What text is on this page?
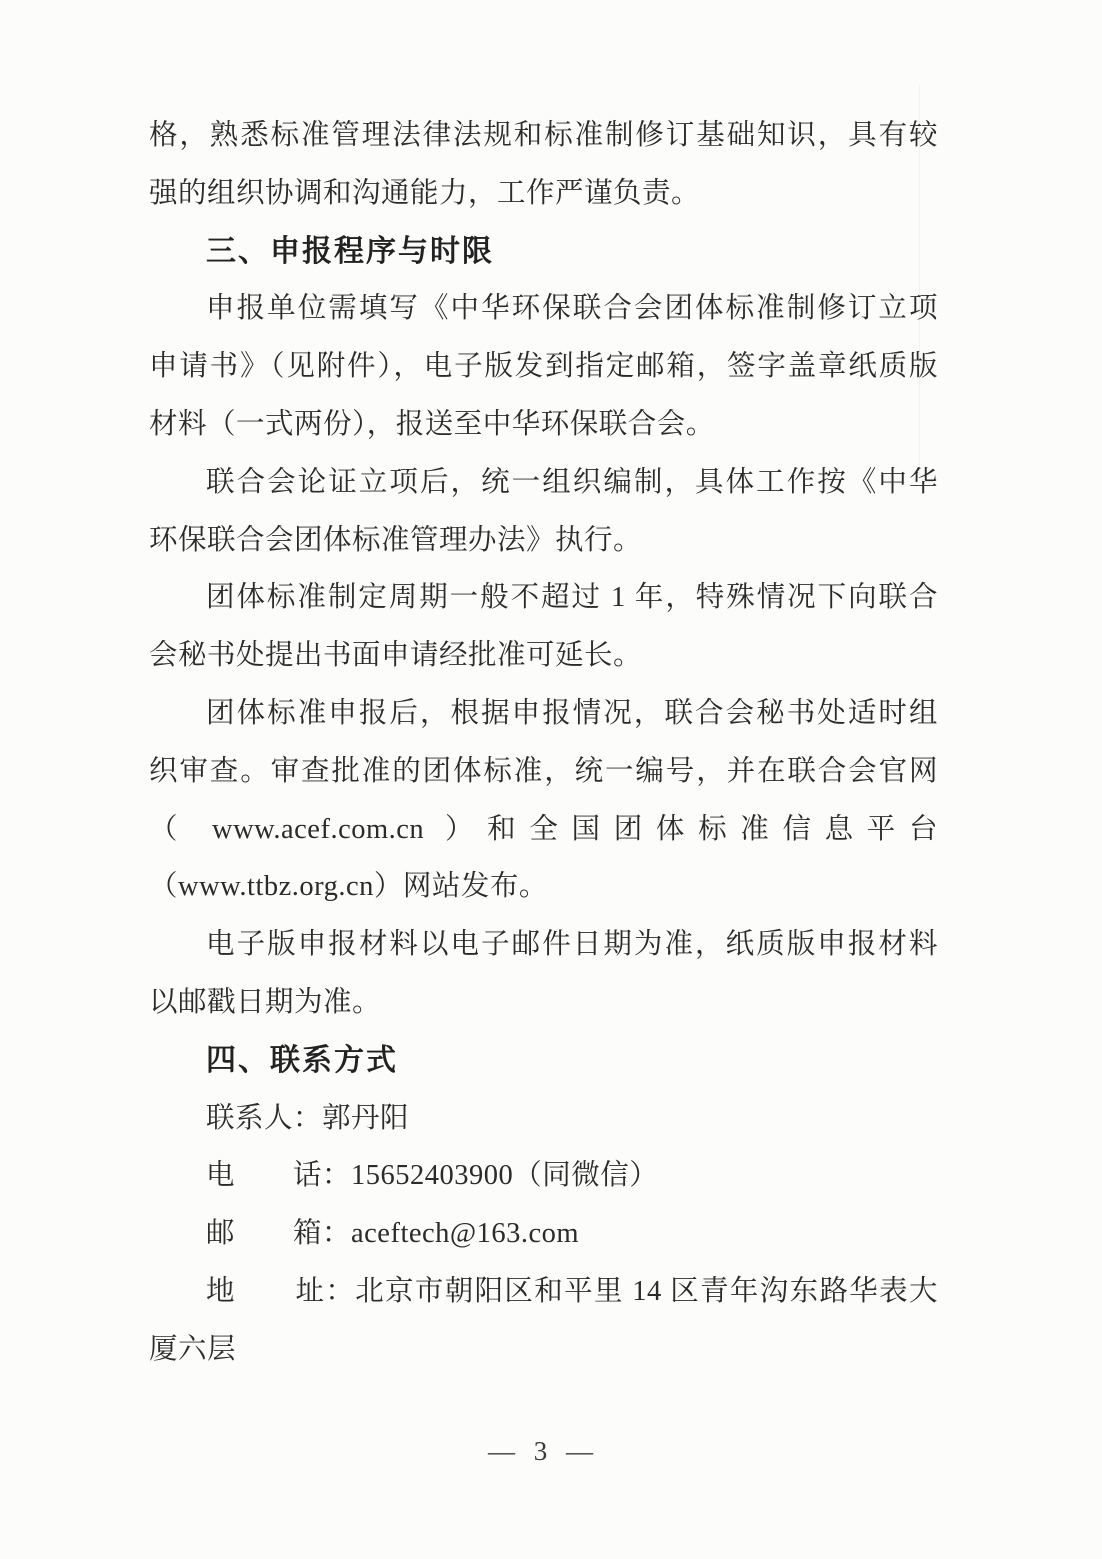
格，熟悉标准管理法律法规和标准制修订基础知识，具有较
强的组织协调和沟通能力，工作严谨负责。
三、申报程序与时限
申报单位需填写《中华环保联合会团体标准制修订立项
申请书》（见附件），电子版发到指定邮箱，签字盖章纸质版
材料（一式两份），报送至中华环保联合会。
联合会论证立项后，统一组织编制，具体工作按《中华
环保联合会团体标准管理办法》执行。
团体标准制定周期一般不超过 1 年，特殊情况下向联合
会秘书处提出书面申请经批准可延长。
团体标准申报后，根据申报情况，联合会秘书处适时组
织审查。审查批准的团体标准，统一编号，并在联合会官网
（ www.acef.com.cn ）和全国团体标准信息平台
（www.ttbz.org.cn）网站发布。
电子版申报材料以电子邮件日期为准，纸质版申报材料
以邮戳日期为准。
四、联系方式
联系人：郭丹阳
电　　话：15652403900（同微信）
邮　　箱：aceftech@163.com
地　　址：北京市朝阳区和平里 14 区青年沟东路华表大
厦六层
— 3 —
